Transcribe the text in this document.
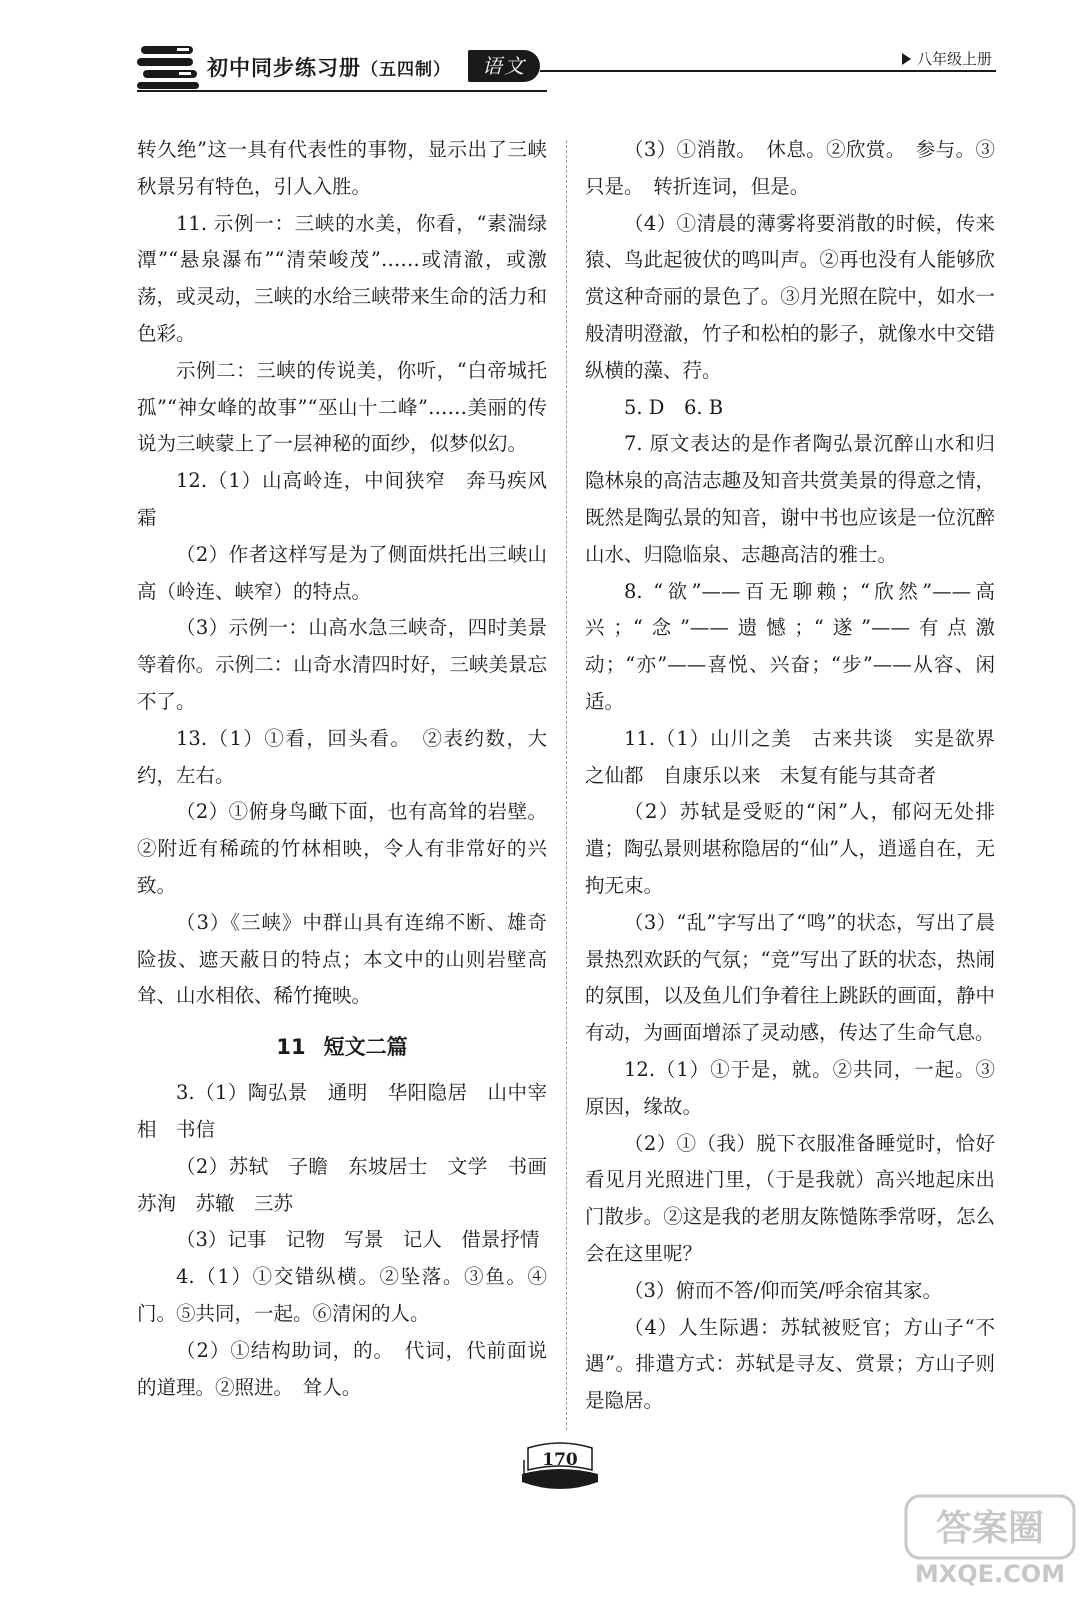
初中同步练习册（五四制）	语文	八年级上册

转久绝”这一具有代表性的事物，显示出了三峡秋景另有特色，引人入胜。

11. 示例一：三峡的水美，你看，“素湍绿潭”“悬泉瀑布”“清荣峻茂”……或清澈，或激荡，或灵动，三峡的水给三峡带来生命的活力和色彩。

示例二：三峡的传说美，你听，“白帝城托孤”“神女峰的故事”“巫山十二峰”……美丽的传说为三峡蒙上了一层神秘的面纱，似梦似幻。

12.（1）山高岭连，中间狭窄　奔马疾风　霜

（2）作者这样写是为了侧面烘托出三峡山高（岭连、峡窄）的特点。

（3）示例一：山高水急三峡奇，四时美景等着你。示例二：山奇水清四时好，三峡美景忘不了。

13.（1）①看，回头看。　②表约数，大约，左右。

（2）①俯身鸟瞰下面，也有高耸的岩壁。②附近有稀疏的竹林相映，令人有非常好的兴致。

（3）《三峡》中群山具有连绵不断、雄奇险拔、遮天蔽日的特点；本文中的山则岩壁高耸、山水相依、稀竹掩映。

11 短文二篇

3.（1）陶弘景　通明　华阳隐居　山中宰相　书信

（2）苏轼　子瞻　东坡居士　文学　书画　苏洵　苏辙　三苏

（3）记事　记物　写景　记人　借景抒情

4.（1）①交错纵横。②坠落。③鱼。④门。⑤共同，一起。⑥清闲的人。

（2）①结构助词，的。　代词，代前面说的道理。②照进。　耸人。

（3）①消散。　休息。②欣赏。　参与。③只是。　转折连词，但是。

（4）①清晨的薄雾将要消散的时候，传来猿、鸟此起彼伏的鸣叫声。②再也没有人能够欣赏这种奇丽的景色了。③月光照在院中，如水一般清明澄澈，竹子和松柏的影子，就像水中交错纵横的藻、荇。

5. D　6. B

7. 原文表达的是作者陶弘景沉醉山水和归隐林泉的高洁志趣及知音共赏美景的得意之情，既然是陶弘景的知音，谢中书也应该是一位沉醉山水、归隐临泉、志趣高洁的雅士。

8. “欲”——百无聊赖；“欣然”——高兴；“念”——遗憾；“遂”——有点激动；“亦”——喜悦、兴奋；“步”——从容、闲适。

11.（1）山川之美　古来共谈　实是欲界之仙都　自康乐以来　未复有能与其奇者

（2）苏轼是受贬的“闲”人，郁闷无处排遣；陶弘景则堪称隐居的“仙”人，逍遥自在，无拘无束。

（3）“乱”字写出了“鸣”的状态，写出了晨景热烈欢跃的气氛；“竞”写出了跃的状态，热闹的氛围，以及鱼儿们争着往上跳跃的画面，静中有动，为画面增添了灵动感，传达了生命气息。

12.（1）①于是，就。②共同，一起。③原因，缘故。

（2）①（我）脱下衣服准备睡觉时，恰好看见月光照进门里，（于是我就）高兴地起床出门散步。②这是我的老朋友陈慥陈季常呀，怎么会在这里呢？

（3）俯而不答/仰而笑/呼余宿其家。

（4）人生际遇：苏轼被贬官；方山子“不遇”。排遣方式：苏轼是寻友、赏景；方山子则是隐居。

170
答案圈
MXQE.COM
